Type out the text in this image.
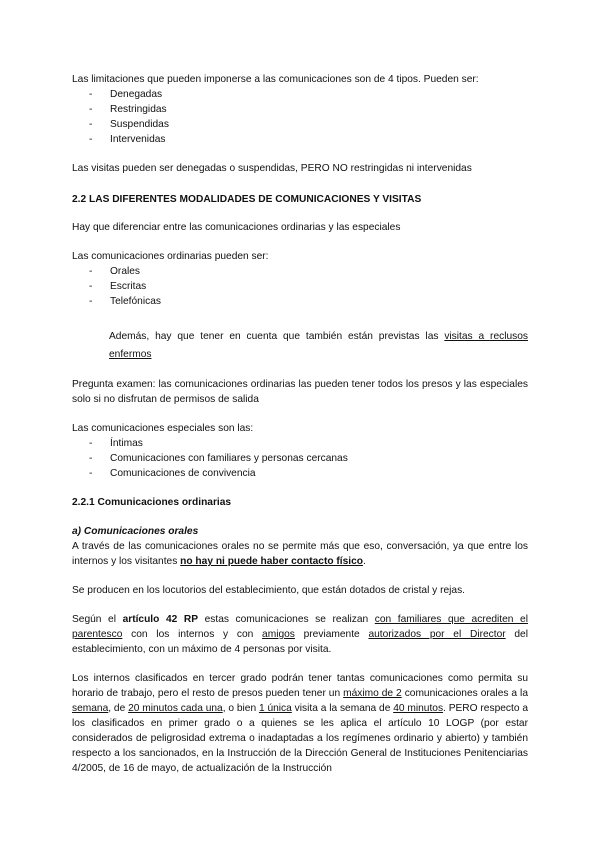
Las limitaciones que pueden imponerse a las comunicaciones son de 4 tipos. Pueden ser:
- Denegadas
- Restringidas
- Suspendidas
- Intervenidas
Las visitas pueden ser denegadas o suspendidas, PERO NO restringidas ni intervenidas
2.2 LAS DIFERENTES MODALIDADES DE COMUNICACIONES Y VISITAS
Hay que diferenciar entre las comunicaciones ordinarias y las especiales
Las comunicaciones ordinarias pueden ser:
- Orales
- Escritas
- Telefónicas
Además, hay que tener en cuenta que también están previstas las visitas a reclusos enfermos
Pregunta examen: las comunicaciones ordinarias las pueden tener todos los presos y las especiales solo si no disfrutan de permisos de salida
Las comunicaciones especiales son las:
- Íntimas
- Comunicaciones con familiares y personas cercanas
- Comunicaciones de convivencia
2.2.1 Comunicaciones ordinarias
a) Comunicaciones orales
A través de las comunicaciones orales no se permite más que eso, conversación, ya que entre los internos y los visitantes no hay ni puede haber contacto físico.
Se producen en los locutorios del establecimiento, que están dotados de cristal y rejas.
Según el artículo 42 RP estas comunicaciones se realizan con familiares que acrediten el parentesco con los internos y con amigos previamente autorizados por el Director del establecimiento, con un máximo de 4 personas por visita.
Los internos clasificados en tercer grado podrán tener tantas comunicaciones como permita su horario de trabajo, pero el resto de presos pueden tener un máximo de 2 comunicaciones orales a la semana, de 20 minutos cada una, o bien 1 única visita a la semana de 40 minutos. PERO respecto a los clasificados en primer grado o a quienes se les aplica el artículo 10 LOGP (por estar considerados de peligrosidad extrema o inadaptadas a los regímenes ordinario y abierto) y también respecto a los sancionados, en la Instrucción de la Dirección General de Instituciones Penitenciarias 4/2005, de 16 de mayo, de actualización de la Instrucción
